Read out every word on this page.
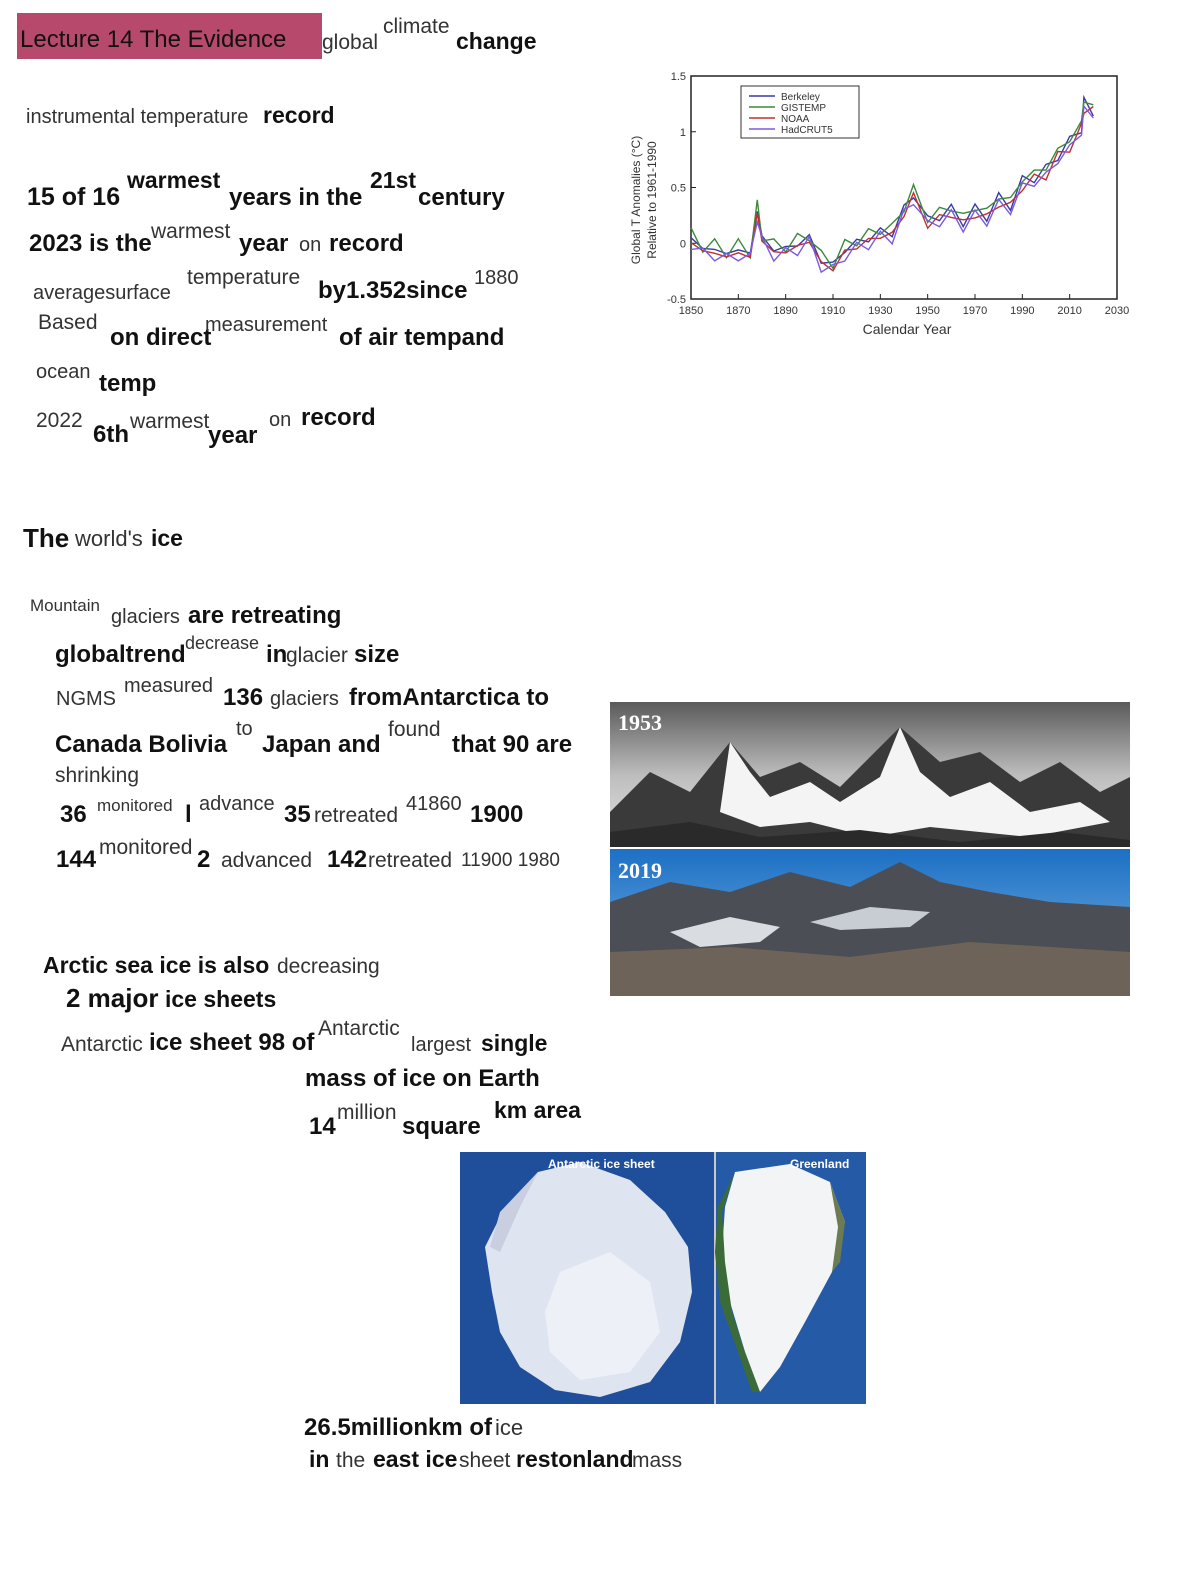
Lecture 14 The Evidence	global
climate
change
instrumental temperature record
15 of 16
warmest
years in the
21st
century
2023 is the warmest year on record
averagesurface
temperature by1.352since 1880
Based
on direct
measurement of air tempand
ocean temp
2022
6th warmest
year
on record
The world's ice
Mountain
glaciers are retreating
globaltrend decrease in
glacier size
NGMS
measured 136 glaciers fromAntarctica to
Canada Bolivia
to
Japan and
found
that 90 are
shrinking
36 monitored l advance 35 retreated 41860 1900
144 monitored 2 advanced 142 retreated 11900 1980
Arctic sea ice is also decreasing
2 major ice sheets
Antarctic ice sheet 98 of
Antarctic
largest single
mass of ice on Earth
14
million
square
km area
26.5millionkm of ice
in the east ice sheet restonland
mass
1850 1870 1890 1910 1930 1950 1970 1990 2010 2030
-0.5
0
0.5
1
1.5
Berkeley
GISTEMP
NOAA
HadCRUT5
Calendar Year
Global T Anomalies (°C) Relative to 1961-1990
1953
2019
Antarctic ice sheet	Greenland
